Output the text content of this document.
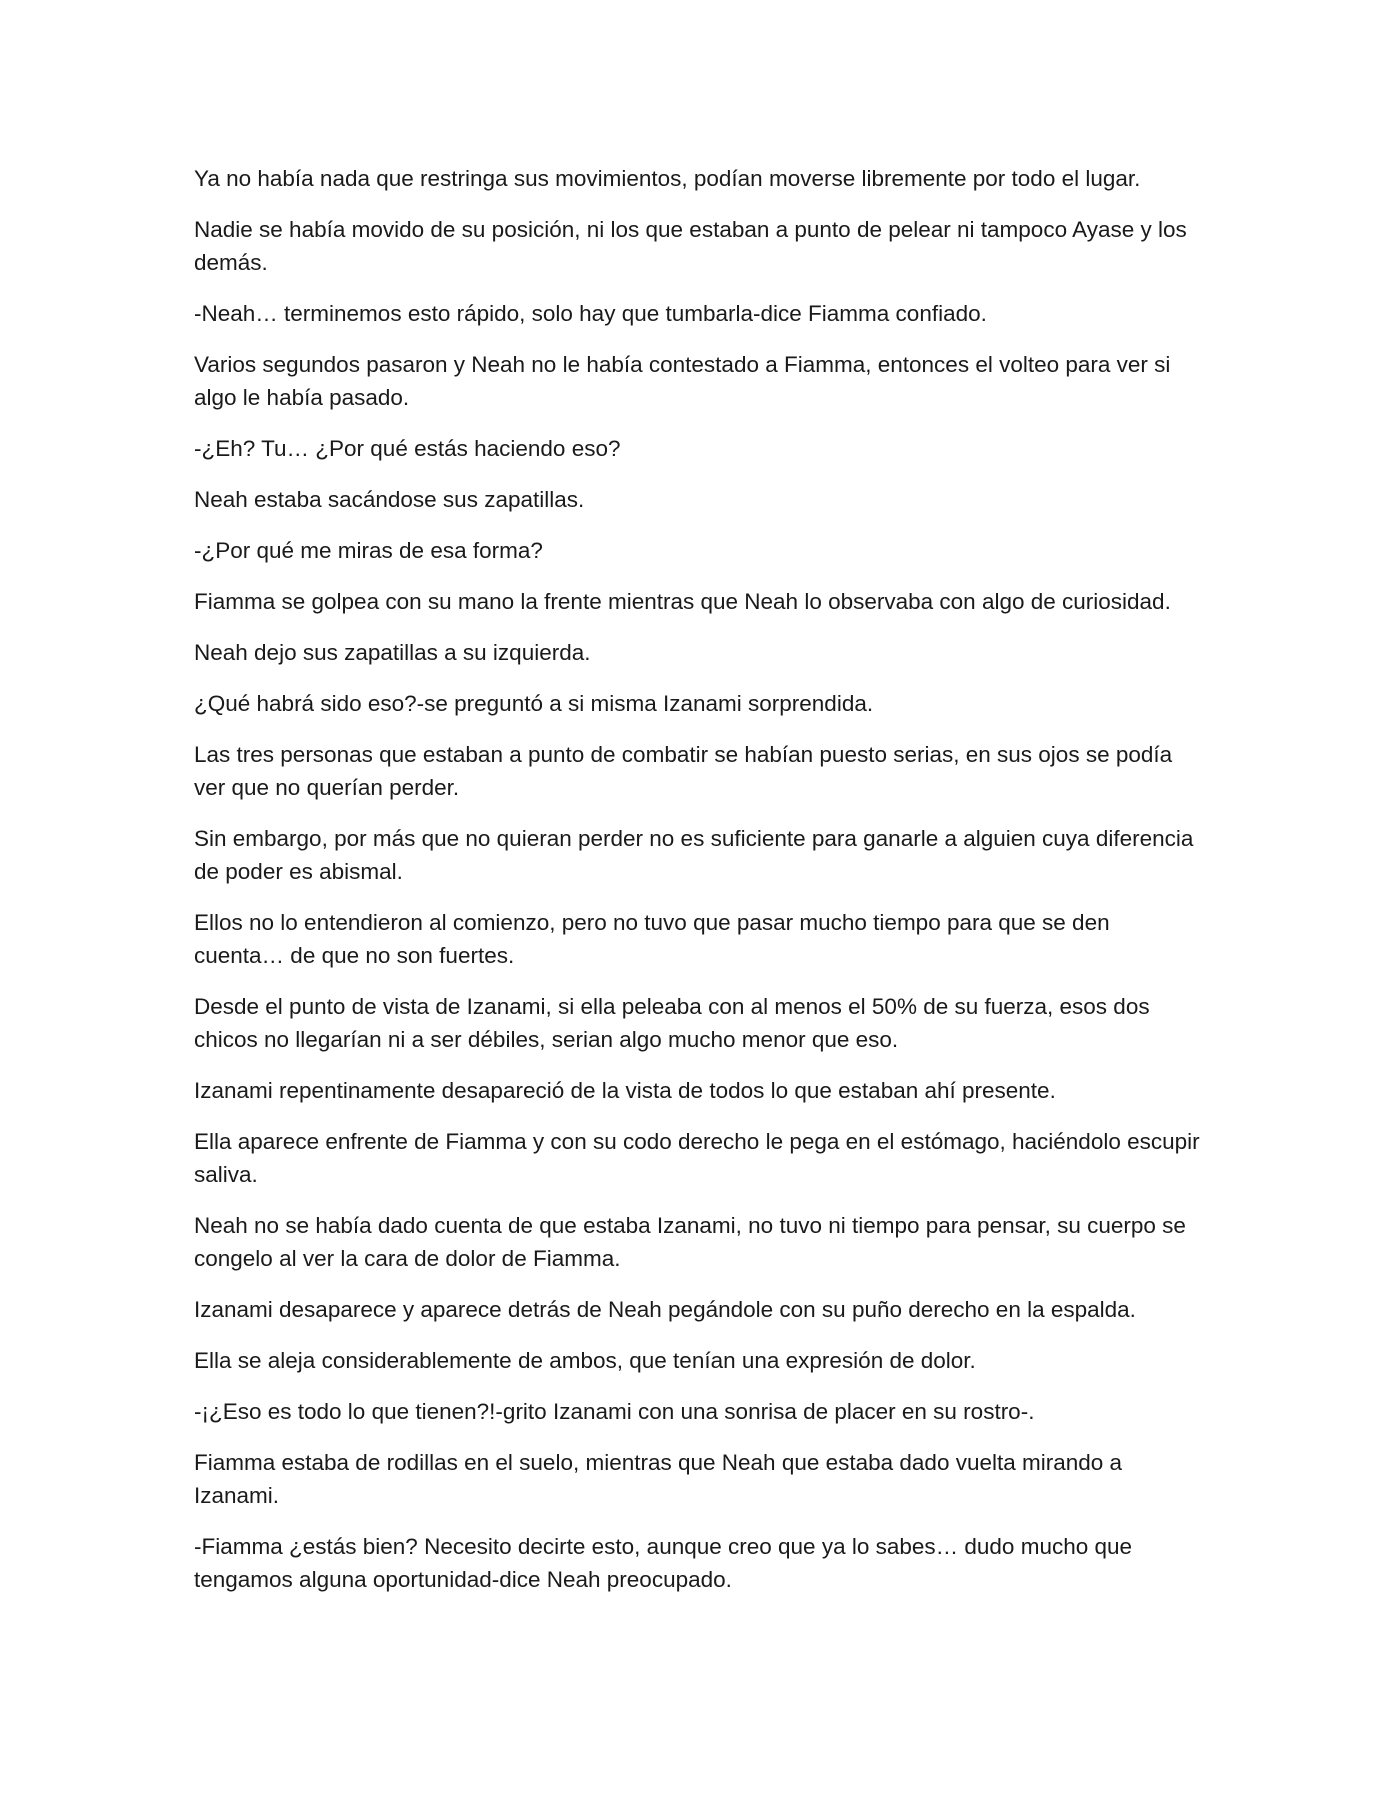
Ya no había nada que restringa sus movimientos, podían moverse libremente por todo el lugar.

Nadie se había movido de su posición, ni los que estaban a punto de pelear ni tampoco Ayase y los demás.

-Neah… terminemos esto rápido, solo hay que tumbarla-dice Fiamma confiado.

Varios segundos pasaron y Neah no le había contestado a Fiamma, entonces el volteo para ver si algo le había pasado.

-¿Eh? Tu… ¿Por qué estás haciendo eso?

Neah estaba sacándose sus zapatillas.

-¿Por qué me miras de esa forma?

Fiamma se golpea con su mano la frente mientras que Neah lo observaba con algo de curiosidad.

Neah dejo sus zapatillas a su izquierda.

¿Qué habrá sido eso?-se preguntó a si misma Izanami sorprendida.

Las tres personas que estaban a punto de combatir se habían puesto serias, en sus ojos se podía ver que no querían perder.

Sin embargo, por más que no quieran perder no es suficiente para ganarle a alguien cuya diferencia de poder es abismal.

Ellos no lo entendieron al comienzo, pero no tuvo que pasar mucho tiempo para que se den cuenta… de que no son fuertes.

Desde el punto de vista de Izanami, si ella peleaba con al menos el 50% de su fuerza, esos dos chicos no llegarían ni a ser débiles, serian algo mucho menor que eso.

Izanami repentinamente desapareció de la vista de todos lo que estaban ahí presente.

Ella aparece enfrente de Fiamma y con su codo derecho le pega en el estómago, haciéndolo escupir saliva.

Neah no se había dado cuenta de que estaba Izanami, no tuvo ni tiempo para pensar, su cuerpo se congelo al ver la cara de dolor de Fiamma.

Izanami desaparece y aparece detrás de Neah pegándole con su puño derecho en la espalda.

Ella se aleja considerablemente de ambos, que tenían una expresión de dolor.

-¡¿Eso es todo lo que tienen?!-grito Izanami con una sonrisa de placer en su rostro-.

Fiamma estaba de rodillas en el suelo, mientras que Neah que estaba dado vuelta mirando a Izanami.

-Fiamma ¿estás bien? Necesito decirte esto, aunque creo que ya lo sabes… dudo mucho que tengamos alguna oportunidad-dice Neah preocupado.
